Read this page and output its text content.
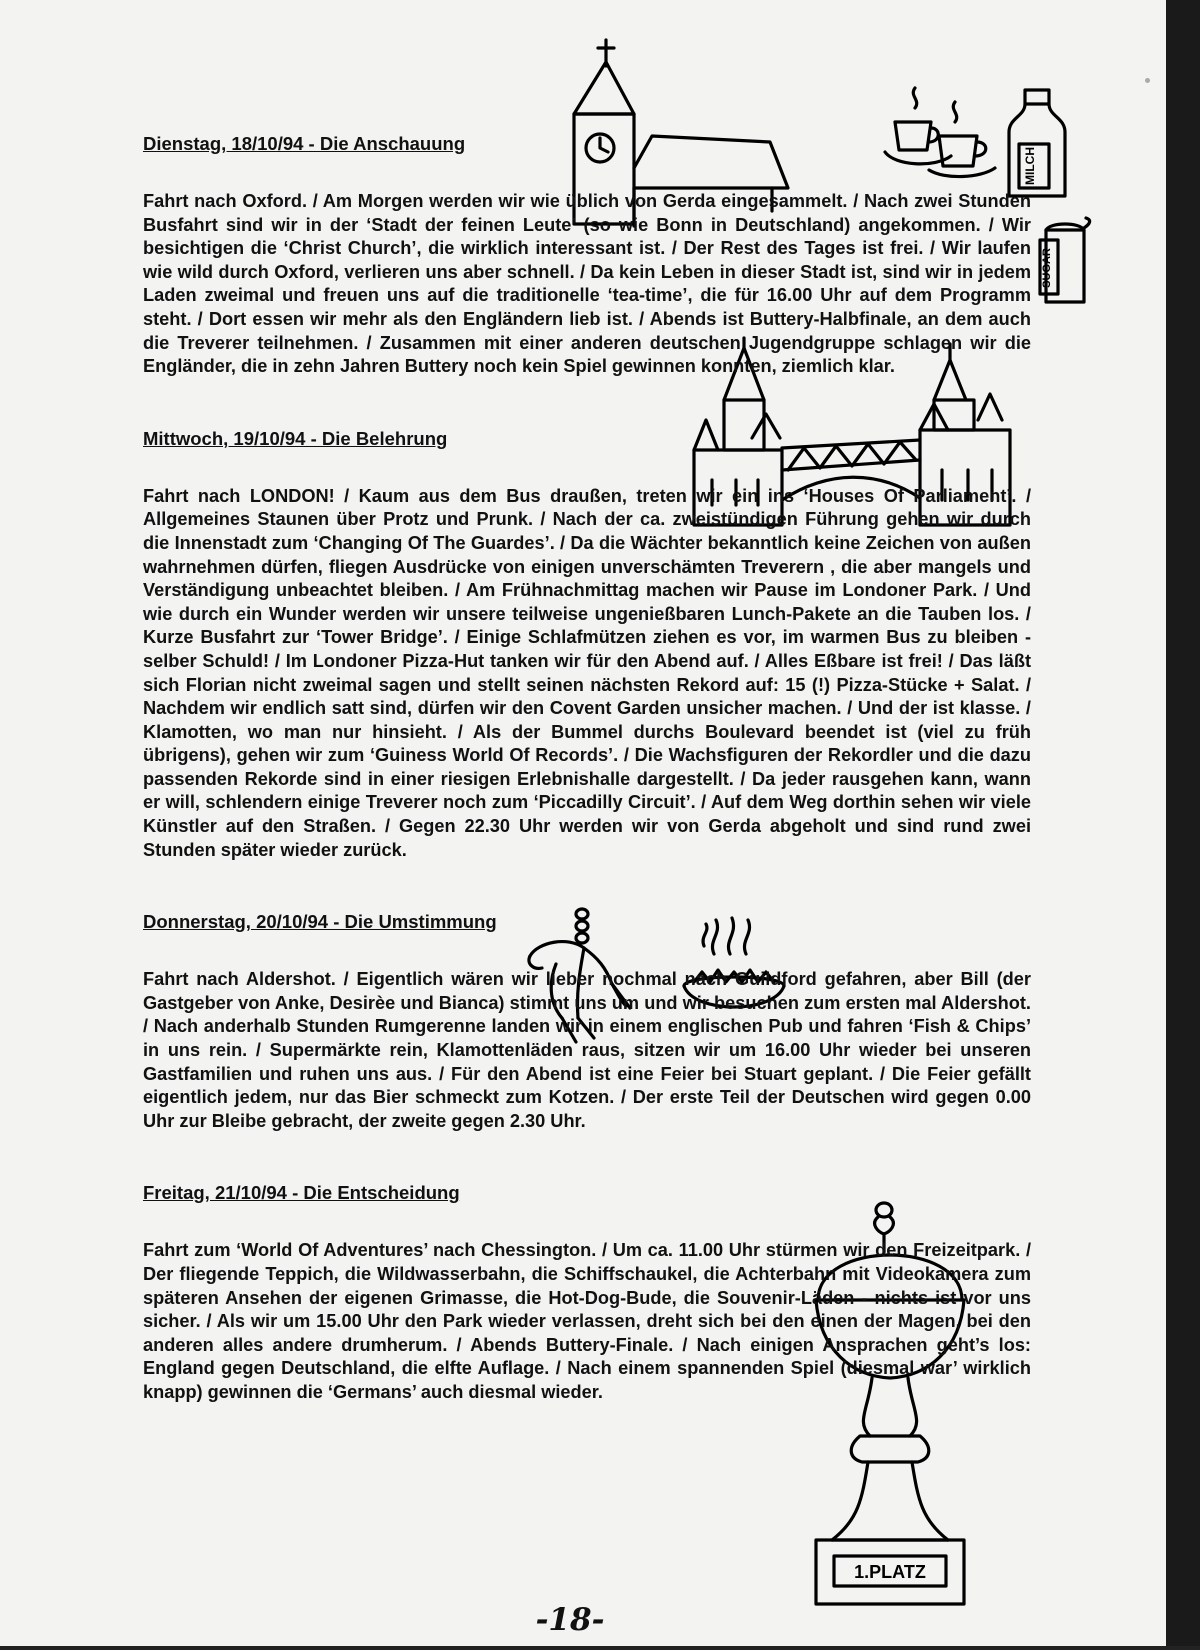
MILCH
SUGAR
1.PLATZ

Dienstag, 18/10/94 - Die Anschauung

Fahrt nach Oxford. / Am Morgen werden wir wie üblich von Gerda eingesammelt. / Nach zwei Stunden Busfahrt sind wir in der ‘Stadt der feinen Leute’ (so wie Bonn in Deutschland) angekommen. / Wir besichtigen die ‘Christ Church’, die wirklich interessant ist. / Der Rest des Tages ist frei. / Wir laufen wie wild durch Oxford, verlieren uns aber schnell. / Da kein Leben in dieser Stadt ist, sind wir in jedem Laden zweimal und freuen uns auf die traditionelle ‘tea-time’, die für 16.00 Uhr auf dem Programm steht. / Dort essen wir mehr als den Engländern lieb ist. / Abends ist Buttery-Halbfinale, an dem auch die Treverer teilnehmen. / Zusammen mit einer anderen deutschen Jugendgruppe schlagen wir die Engländer, die in zehn Jahren Buttery noch kein Spiel gewinnen konnten, ziemlich klar.

Mittwoch, 19/10/94 - Die Belehrung

Fahrt nach LONDON! / Kaum aus dem Bus draußen, treten wir ein ins ‘Houses Of Parliament’. / Allgemeines Staunen über Protz und Prunk. / Nach der ca. zweistündigen Führung gehen wir durch die Innenstadt zum ‘Changing Of The Guardes’. / Da die Wächter bekanntlich keine Zeichen von außen wahrnehmen dürfen, fliegen Ausdrücke von einigen unverschämten Treverern , die aber mangels und Verständigung unbeachtet bleiben. / Am Frühnachmittag machen wir Pause im Londoner Park. / Und wie durch ein Wunder werden wir unsere teilweise ungenießbaren Lunch-Pakete an die Tauben los. / Kurze Busfahrt zur ‘Tower Bridge’. / Einige Schlafmützen ziehen es vor, im warmen Bus zu bleiben - selber Schuld! / Im Londoner Pizza-Hut tanken wir für den Abend auf. / Alles Eßbare ist frei! / Das läßt sich Florian nicht zweimal sagen und stellt seinen nächsten Rekord auf: 15 (!) Pizza-Stücke + Salat. / Nachdem wir endlich satt sind, dürfen wir den Covent Garden unsicher machen. / Und der ist klasse. / Klamotten, wo man nur hinsieht. / Als der Bummel durchs Boulevard beendet ist (viel zu früh übrigens), gehen wir zum ‘Guiness World Of Records’. / Die Wachsfiguren der Rekordler und die dazu passenden Rekorde sind in einer riesigen Erlebnishalle dargestellt. / Da jeder rausgehen kann, wann er will, schlendern einige Treverer noch zum ‘Piccadilly Circuit’. / Auf dem Weg dorthin sehen wir viele Künstler auf den Straßen. / Gegen 22.30 Uhr werden wir von Gerda abgeholt und sind rund zwei Stunden später wieder zurück.

Donnerstag, 20/10/94 - Die Umstimmung

Fahrt nach Aldershot. / Eigentlich wären wir lieber nochmal nach Guildford gefahren, aber Bill (der Gastgeber von Anke, Desirèe und Bianca) stimmt uns um und wir besuchen zum ersten mal Aldershot. / Nach anderhalb Stunden Rumgerenne landen wir in einem englischen Pub und fahren ‘Fish & Chips’ in uns rein. / Supermärkte rein, Klamottenläden raus, sitzen wir um 16.00 Uhr wieder bei unseren Gastfamilien und ruhen uns aus. / Für den Abend ist eine Feier bei Stuart geplant. / Die Feier gefällt eigentlich jedem, nur das Bier schmeckt zum Kotzen. / Der erste Teil der Deutschen wird gegen 0.00 Uhr zur Bleibe gebracht, der zweite gegen 2.30 Uhr.

Freitag, 21/10/94 - Die Entscheidung

Fahrt zum ‘World Of Adventures’ nach Chessington. / Um ca. 11.00 Uhr stürmen wir den Freizeitpark. / Der fliegende Teppich, die Wildwasserbahn, die Schiffschaukel, die Achterbahn mit Videokamera zum späteren Ansehen der eigenen Grimasse, die Hot-Dog-Bude, die Souvenir-Läden - nichts ist vor uns sicher. / Als wir um 15.00 Uhr den Park wieder verlassen, dreht sich bei den einen der Magen, bei den anderen alles andere drumherum. / Abends Buttery-Finale. / Nach einigen Ansprachen geht’s los: England gegen Deutschland, die elfte Auflage. / Nach einem spannenden Spiel (diesmal war’ wirklich knapp) gewinnen die ‘Germans’ auch diesmal wieder.

-18-
